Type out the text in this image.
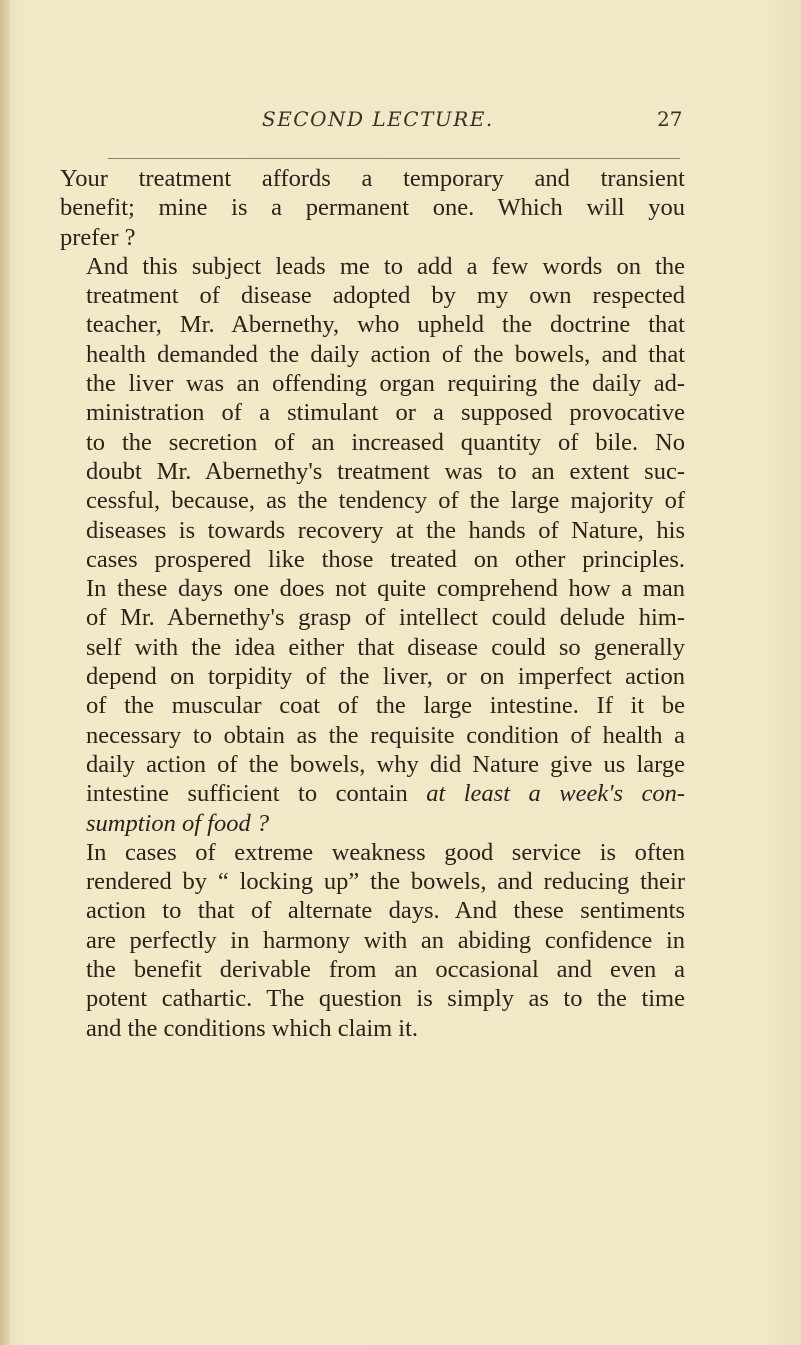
SECOND LECTURE.	27

Your treatment affords a temporary and transient
benefit; mine is a permanent one. Which will you
prefer ?

And this subject leads me to add a few words on the
treatment of disease adopted by my own respected
teacher, Mr. Abernethy, who upheld the doctrine that
health demanded the daily action of the bowels, and that
the liver was an offending organ requiring the daily ad-
ministration of a stimulant or a supposed provocative
to the secretion of an increased quantity of bile. No
doubt Mr. Abernethy's treatment was to an extent suc-
cessful, because, as the tendency of the large majority of
diseases is towards recovery at the hands of Nature, his
cases prospered like those treated on other principles.
In these days one does not quite comprehend how a man
of Mr. Abernethy's grasp of intellect could delude him-
self with the idea either that disease could so generally
depend on torpidity of the liver, or on imperfect action
of the muscular coat of the large intestine. If it be
necessary to obtain as the requisite condition of health a
daily action of the bowels, why did Nature give us large
intestine sufficient to contain at least a week's con-
sumption of food ?

In cases of extreme weakness good service is often
rendered by “ locking up” the bowels, and reducing their
action to that of alternate days. And these sentiments
are perfectly in harmony with an abiding confidence in
the benefit derivable from an occasional and even a
potent cathartic. The question is simply as to the time
and the conditions which claim it.
